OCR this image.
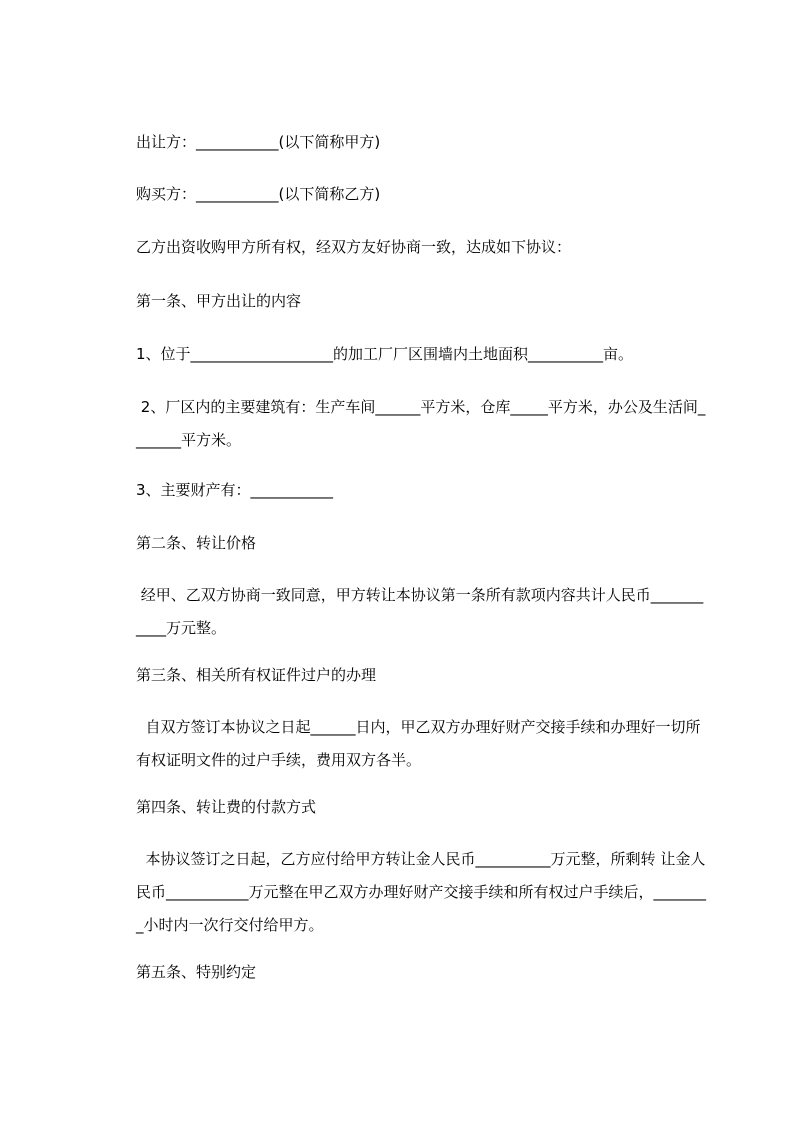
出让方：___________(以下简称甲方)
购买方：___________(以下简称乙方)
乙方出资收购甲方所有权，经双方友好协商一致，达成如下协议：
第一条、甲方出让的内容
1、位于___________________的加工厂厂区围墙内土地面积__________亩。
2、厂区内的主要建筑有：生产车间______平方米，仓库_____平方米，办公及生活间_______平方米。
3、主要财产有：___________
第二条、转让价格
经甲、乙双方协商一致同意，甲方转让本协议第一条所有款项内容共计人民币___________万元整。
第三条、相关所有权证件过户的办理
自双方签订本协议之日起______日内，甲乙双方办理好财产交接手续和办理好一切所有权证明文件的过户手续，费用双方各半。
第四条、转让费的付款方式
本协议签订之日起，乙方应付给甲方转让金人民币__________万元整，所剩转 让金人民币___________万元整在甲乙双方办理好财产交接手续和所有权过户手续后，________小时内一次行交付给甲方。
第五条、特别约定
